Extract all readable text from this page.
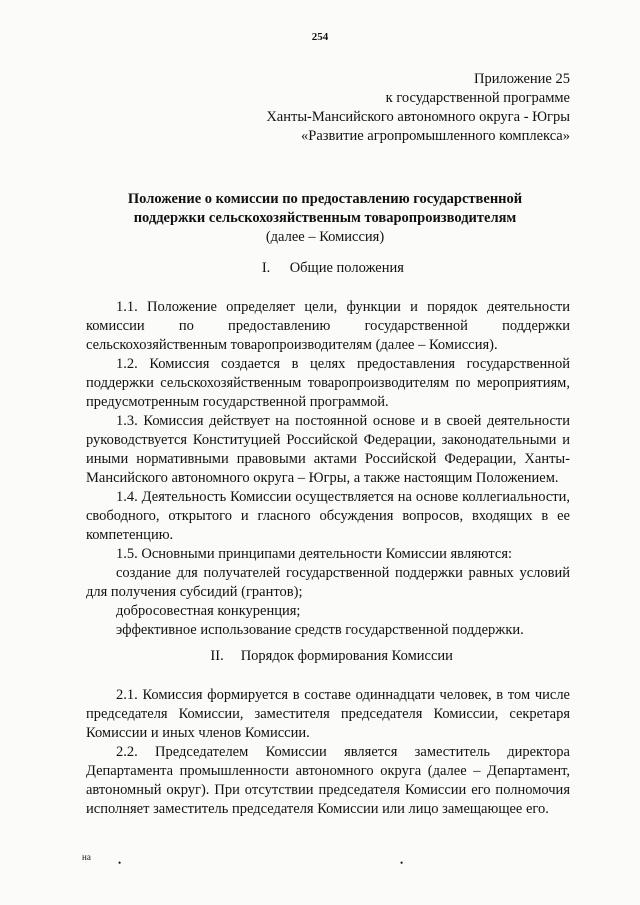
254
Приложение 25
к государственной программе
Ханты-Мансийского автономного округа - Югры
«Развитие агропромышленного комплекса»
Положение о комиссии по предоставлению государственной
поддержки сельскохозяйственным товаропроизводителям
(далее – Комиссия)
I. Общие положения

1.1. Положение определяет цели, функции и порядок деятельности комиссии по предоставлению государственной поддержки сельскохозяйственным товаропроизводителям (далее – Комиссия).

1.2. Комиссия создается в целях предоставления государственной поддержки сельскохозяйственным товаропроизводителям по мероприятиям, предусмотренным государственной программой.

1.3. Комиссия действует на постоянной основе и в своей деятельности руководствуется Конституцией Российской Федерации, законодательными и иными нормативными правовыми актами Российской Федерации, Ханты-Мансийского автономного округа – Югры, а также настоящим Положением.

1.4. Деятельность Комиссии осуществляется на основе коллегиальности, свободного, открытого и гласного обсуждения вопросов, входящих в ее компетенцию.

1.5. Основными принципами деятельности Комиссии являются:

создание для получателей государственной поддержки равных условий для получения субсидий (грантов);

добросовестная конкуренция;

эффективное использование средств государственной поддержки.

II. Порядок формирования Комиссии

2.1. Комиссия формируется в составе одиннадцати человек, в том числе председателя Комиссии, заместителя председателя Комиссии, секретаря Комиссии и иных членов Комиссии.

2.2. Председателем Комиссии является заместитель директора Департамента промышленности автономного округа (далее – Департамент, автономный округ). При отсутствии председателя Комиссии его полномочия исполняет заместитель председателя Комиссии или лицо замещающее его.

на
•	•
